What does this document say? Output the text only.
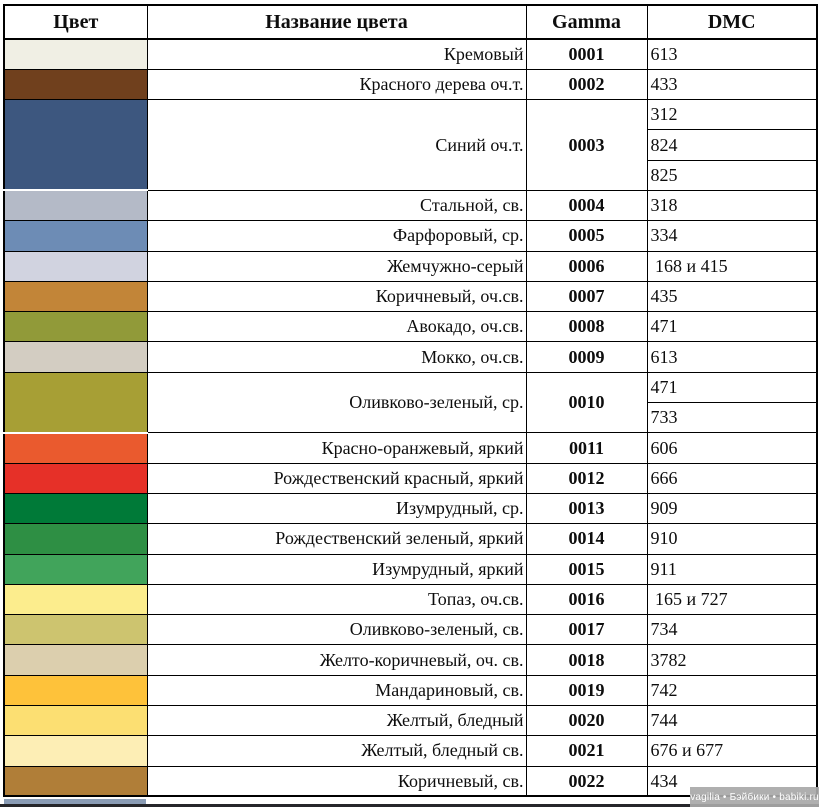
Цвет	Название цвета	Gamma	DMC
	Кремовый	0001	613
	Красного дерева оч.т.	0002	433
	Синий оч.т.	0003	312
			824
			825
	Стальной, св.	0004	318
	Фарфоровый, ср.	0005	334
	Жемчужно-серый	0006	168 и 415
	Коричневый, оч.св.	0007	435
	Авокадо, оч.св.	0008	471
	Мокко, оч.св.	0009	613
	Оливково-зеленый, ср.	0010	471
			733
	Красно-оранжевый, яркий	0011	606
	Рождественский красный, яркий	0012	666
	Изумрудный, ср.	0013	909
	Рождественский зеленый, яркий	0014	910
	Изумрудный, яркий	0015	911
	Топаз, оч.св.	0016	165 и 727
	Оливково-зеленый, св.	0017	734
	Желто-коричневый, оч. св.	0018	3782
	Мандариновый, св.	0019	742
	Желтый, бледный	0020	744
	Желтый, бледный св.	0021	676 и 677
	Коричневый, св.	0022	434
vagilia • Бэйбики • babiki.ru
